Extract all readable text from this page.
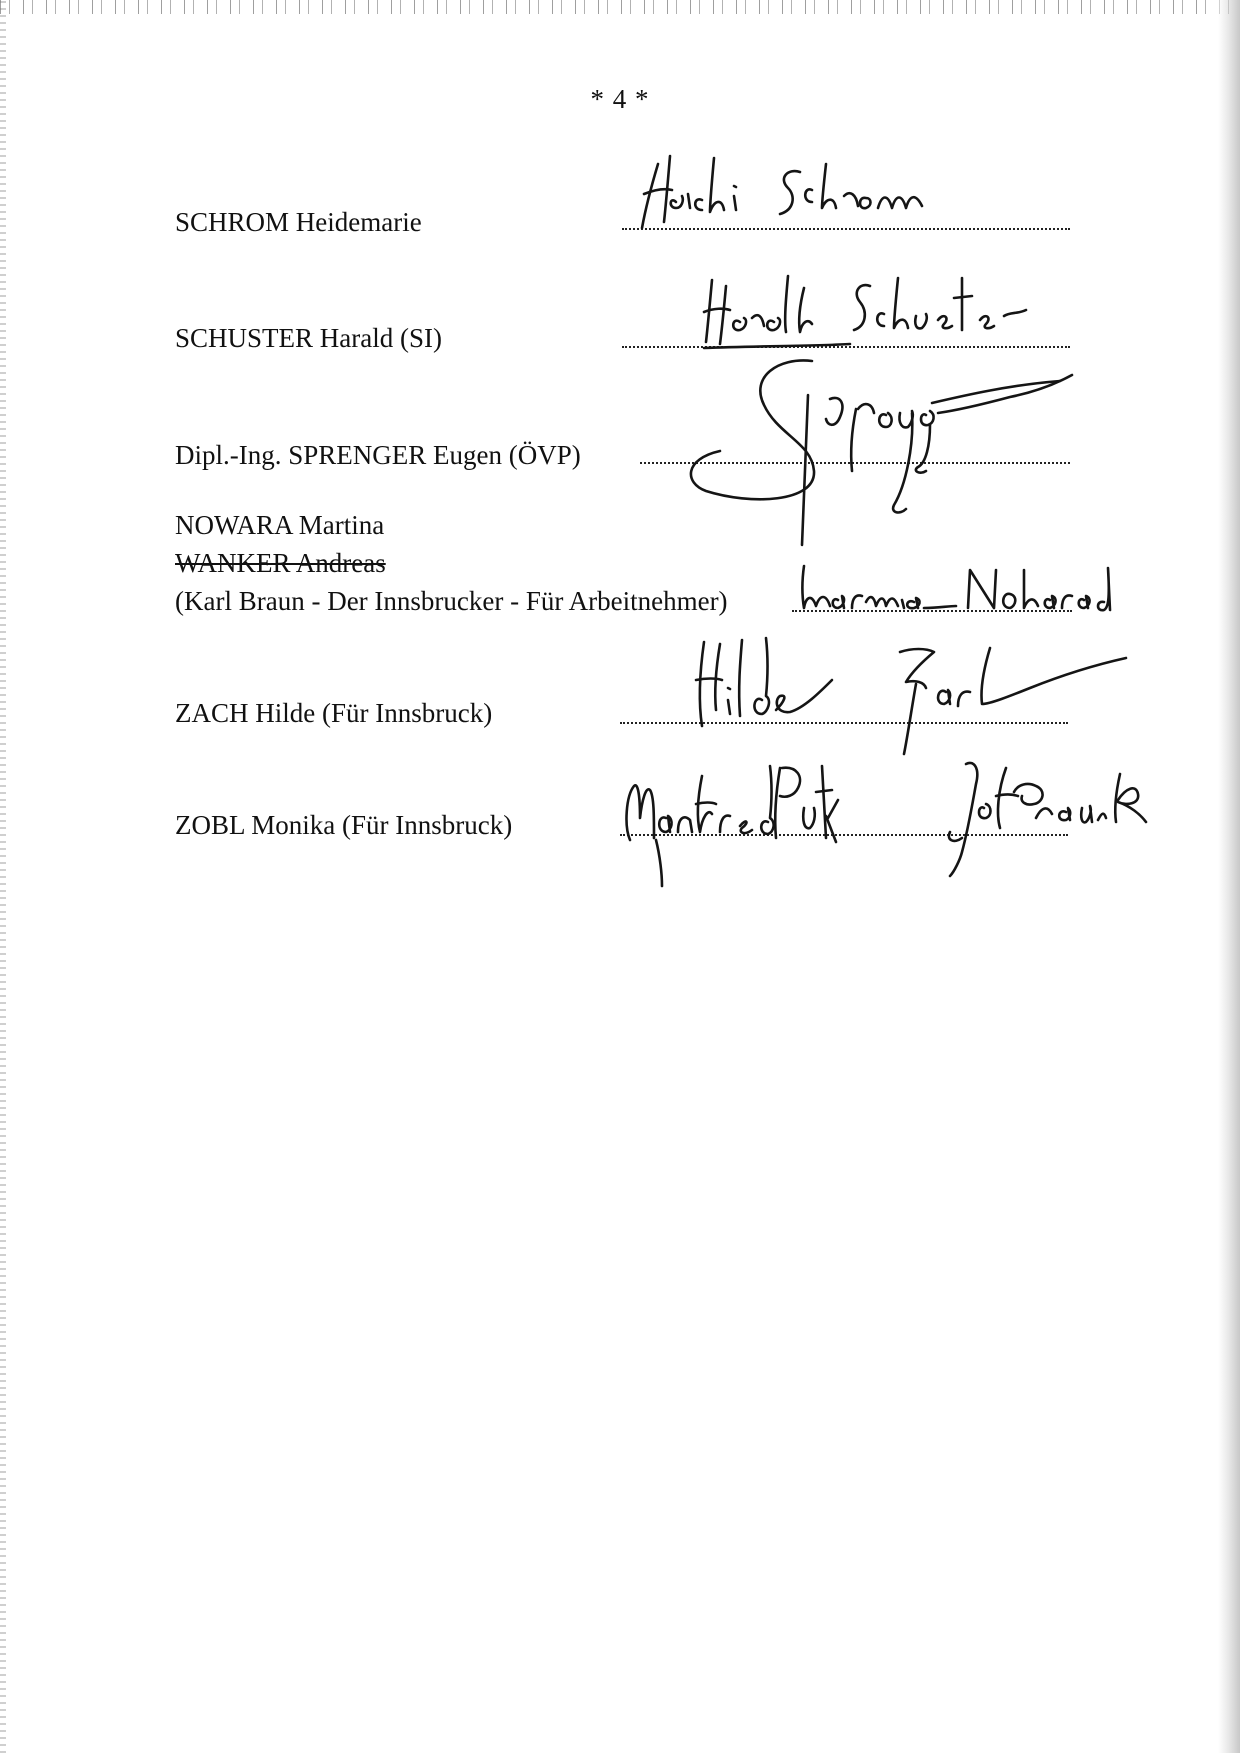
* 4 *
SCHROM Heidemarie
SCHUSTER Harald (SI)
Dipl.-Ing. SPRENGER Eugen (ÖVP)
NOWARA Martina
WANKER Andreas
(Karl Braun - Der Innsbrucker - Für Arbeitnehmer)
ZACH Hilde (Für Innsbruck)
ZOBL Monika (Für Innsbruck)
